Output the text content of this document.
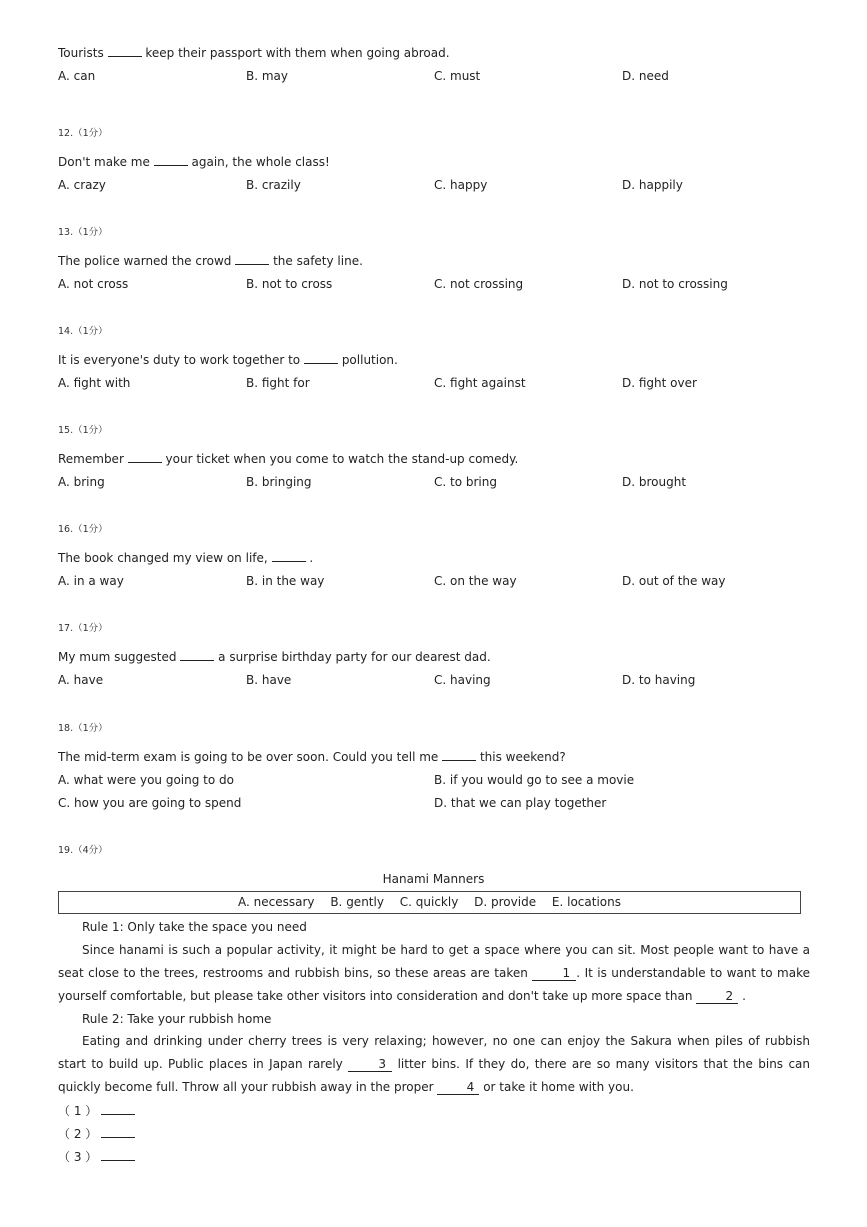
Tourists	keep their passport with them when going abroad.
A. can	B. may	C. must	D. need
12.（1分）
Don't make me	again, the whole class!
A. crazy	B. crazily	C. happy	D. happily
13.（1分）
The police warned the crowd	the safety line.
A. not cross	B. not to cross	C. not crossing	D. not to crossing
14.（1分）
It is everyone's duty to work together to	pollution.
A. fight with	B. fight for	C. fight against	D. fight over
15.（1分）
Remember	your ticket when you come to watch the stand-up comedy.
A. bring	B. bringing	C. to bring	D. brought
16.（1分）
The book changed my view on life,	.
A. in a way	B. in the way	C. on the way	D. out of the way
17.（1分）
My mum suggested	a surprise birthday party for our dearest dad.
A. have	B. have	C. having	D. to having
18.（1分）
The mid-term exam is going to be over soon. Could you tell me	this weekend?
A. what were you going to do	B. if you would go to see a movie
C. how you are going to spend	D. that we can play together
19.（4分）
Hanami Manners
A. necessary B. gently C. quickly D. provide E. locations
Rule 1: Only take the space you need
Since hanami is such a popular activity, it might be hard to get a space where you can sit. Most people want to have a seat close to the trees, restrooms and rubbish bins, so these areas are taken	1 . It is understandable to want to make yourself comfortable, but please take other visitors into consideration and don't take up more space than	2 .
Rule 2: Take your rubbish home
Eating and drinking under cherry trees is very relaxing; however, no one can enjoy the Sakura when piles of rubbish start to build up. Public places in Japan rarely	3 litter bins. If they do, there are so many visitors that the bins can quickly become full. Throw all your rubbish away in the proper	4 or take it home with you.
（ 1 ）
（ 2 ）
（ 3 ）
